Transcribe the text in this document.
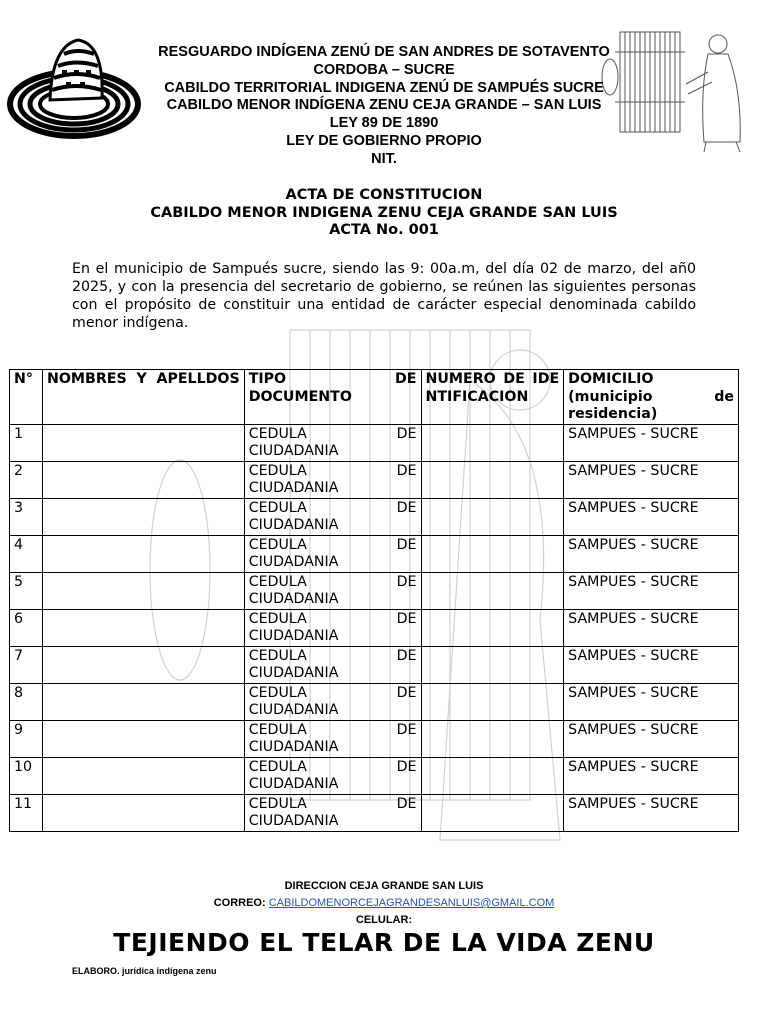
RESGUARDO INDÍGENA ZENÚ DE SAN ANDRES DE SOTAVENTO
CORDOBA – SUCRE
CABILDO TERRITORIAL INDIGENA ZENÚ DE SAMPUÉS SUCRE
CABILDO MENOR INDÍGENA ZENU CEJA GRANDE – SAN LUIS
LEY 89 DE 1890
LEY DE GOBIERNO PROPIO
NIT.
ACTA DE CONSTITUCION
CABILDO MENOR INDIGENA ZENU CEJA GRANDE SAN LUIS
ACTA No. 001

En el municipio de Sampués sucre, siendo las 9: 00a.m, del día 02 de marzo, del añ0 2025, y con la presencia del secretario de gobierno, se reúnen las siguientes personas con el propósito de constituir una entidad de carácter especial denominada cabildo menor indígena.

N°	NOMBRES Y APELLDOS	TIPO DE DOCUMENTO	NUMERO DE IDENTIFICACION	DOMICILIO (municipio de residencia)

1		CEDULA DE CIUDADANIA		SAMPUES - SUCRE
2		CEDULA DE CIUDADANIA		SAMPUES - SUCRE
3		CEDULA DE CIUDADANIA		SAMPUES - SUCRE
4		CEDULA DE CIUDADANIA		SAMPUES - SUCRE
5		CEDULA DE CIUDADANIA		SAMPUES - SUCRE
6		CEDULA DE CIUDADANIA		SAMPUES - SUCRE
7		CEDULA DE CIUDADANIA		SAMPUES - SUCRE
8		CEDULA DE CIUDADANIA		SAMPUES - SUCRE
9		CEDULA DE CIUDADANIA		SAMPUES - SUCRE
10		CEDULA DE CIUDADANIA		SAMPUES - SUCRE
11		CEDULA DE CIUDADANIA		SAMPUES - SUCRE
DIRECCION CEJA GRANDE SAN LUIS
CORREO: CABILDOMENORCEJAGRANDESANLUIS@GMAIL.COM
CELULAR:
TEJIENDO EL TELAR DE LA VIDA ZENU
ELABORO. jurídica indígena zenu
